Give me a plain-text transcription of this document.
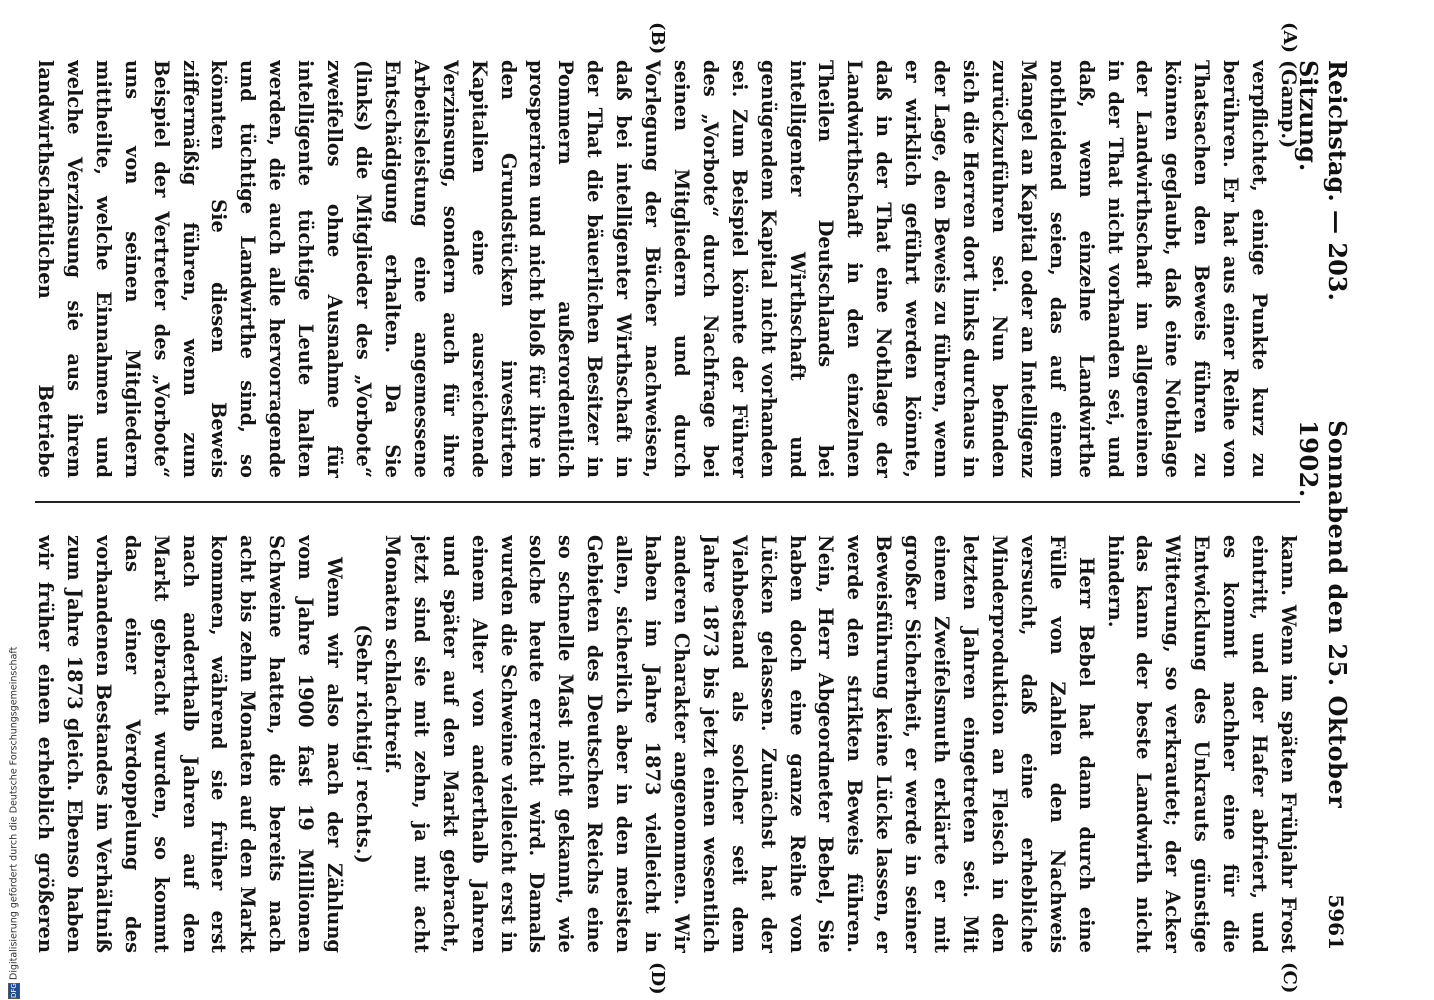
Reichstag. — 203. Sitzung.
Sonnabend den 25. Oktober 1902.
5961
(A)
(B)
(C)
(D)

(Gamp.)

verpflichtet, einige Punkte kurz zu berühren. Er hat aus einer Reihe von Thatsachen den Beweis führen zu können geglaubt, daß eine Nothlage der Landwirthschaft im allgemeinen in der That nicht vorhanden sei, und daß, wenn einzelne Landwirthe nothleidend seien, das auf einem Mangel an Kapital oder an Intelligenz zurückzuführen sei. Nun befinden sich die Herren dort links durchaus in der Lage, den Beweis zu führen, wenn er wirklich geführt werden könnte, daß in der That eine Nothlage der Landwirthschaft in den einzelnen Theilen Deutschlands bei intelligenter Wirthschaft und genügendem Kapital nicht vorhanden sei. Zum Beispiel könnte der Führer des „Vorbote“ durch Nachfrage bei seinen Mitgliedern und durch Vorlegung der Bücher nachweisen, daß bei intelligenter Wirthschaft in der That die bäuerlichen Besitzer in Pommern außerordentlich prosperiren und nicht bloß für ihre in den Grundstücken investirten Kapitalien eine ausreichende Verzinsung, sondern auch für ihre Arbeitsleistung eine angemessene Entschädigung erhalten. Da Sie (links) die Mitglieder des „Vorbote“ zweifellos ohne Ausnahme für intelligente tüchtige Leute halten werden, die auch alle hervorragende und tüchtige Landwirthe sind, so könnten Sie diesen Beweis ziffermäßig führen, wenn zum Beispiel der Vertreter des „Vorbote“ uns von seinen Mitgliedern mittheilte, welche Einnahmen und welche Verzinsung sie aus ihrem landwirthschaftlichen Betriebe

kann. Wenn im späten Frühjahr Frost eintritt, und der Hafer abfriert, und es kommt nachher eine für die Entwicklung des Unkrauts günstige Witterung, so verkrautet; der Acker das kann der beste Landwirth nicht hindern.

Herr Bebel hat dann durch eine Fülle von Zahlen den Nachweis versucht, daß eine erhebliche Minderproduktion an Fleisch in den letzten Jahren eingetreten sei. Mit einem Zweifelsmuth erklärte er mit großer Sicherheit, er werde in seiner Beweisführung keine Lücke lassen, er werde den strikten Beweis führen. Nein, Herr Abgeordneter Bebel, Sie haben doch eine ganze Reihe von Lücken gelassen. Zunächst hat der Viehbestand als solcher seit dem Jahre 1873 bis jetzt einen wesentlich anderen Charakter angenommen. Wir haben im Jahre 1873 vielleicht in allen, sicherlich aber in den meisten Gebieten des Deutschen Reichs eine so schnelle Mast nicht gekannt, wie solche heute erreicht wird. Damals wurden die Schweine vielleicht erst in einem Alter von anderthalb Jahren und später auf den Markt gebracht, jetzt sind sie mit zehn, ja mit acht Monaten schlachtreif.

(Sehr richtig! rechts.)

Wenn wir also nach der Zählung vom Jahre 1900 fast 19 Millionen Schweine hatten, die bereits nach acht bis zehn Monaten auf den Markt kommen, während sie früher erst nach anderthalb Jahren auf den Markt gebracht wurden, so kommt das einer Verdoppelung des vorhandenen Bestandes im Verhältniß zum Jahre 1873 gleich. Ebenso haben wir früher einen erheblich größeren

DFGDigitalisierung gefördert durch die Deutsche Forschungsgemeinschaft
